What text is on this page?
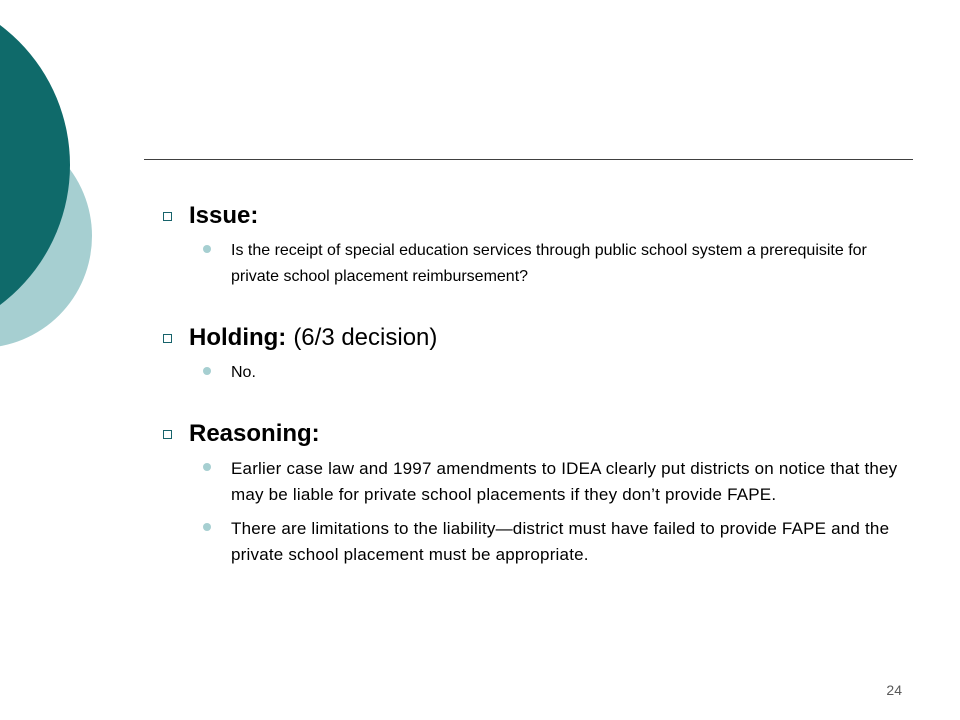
Issue:
Is the receipt of special education services through public school system a prerequisite for private school placement reimbursement?
Holding: (6/3 decision)
No.
Reasoning:
Earlier case law and 1997 amendments to IDEA clearly put districts on notice that they may be liable for private school placements if they don’t provide FAPE.
There are limitations to the liability—district must have failed to provide FAPE and the private school placement must be appropriate.
24
